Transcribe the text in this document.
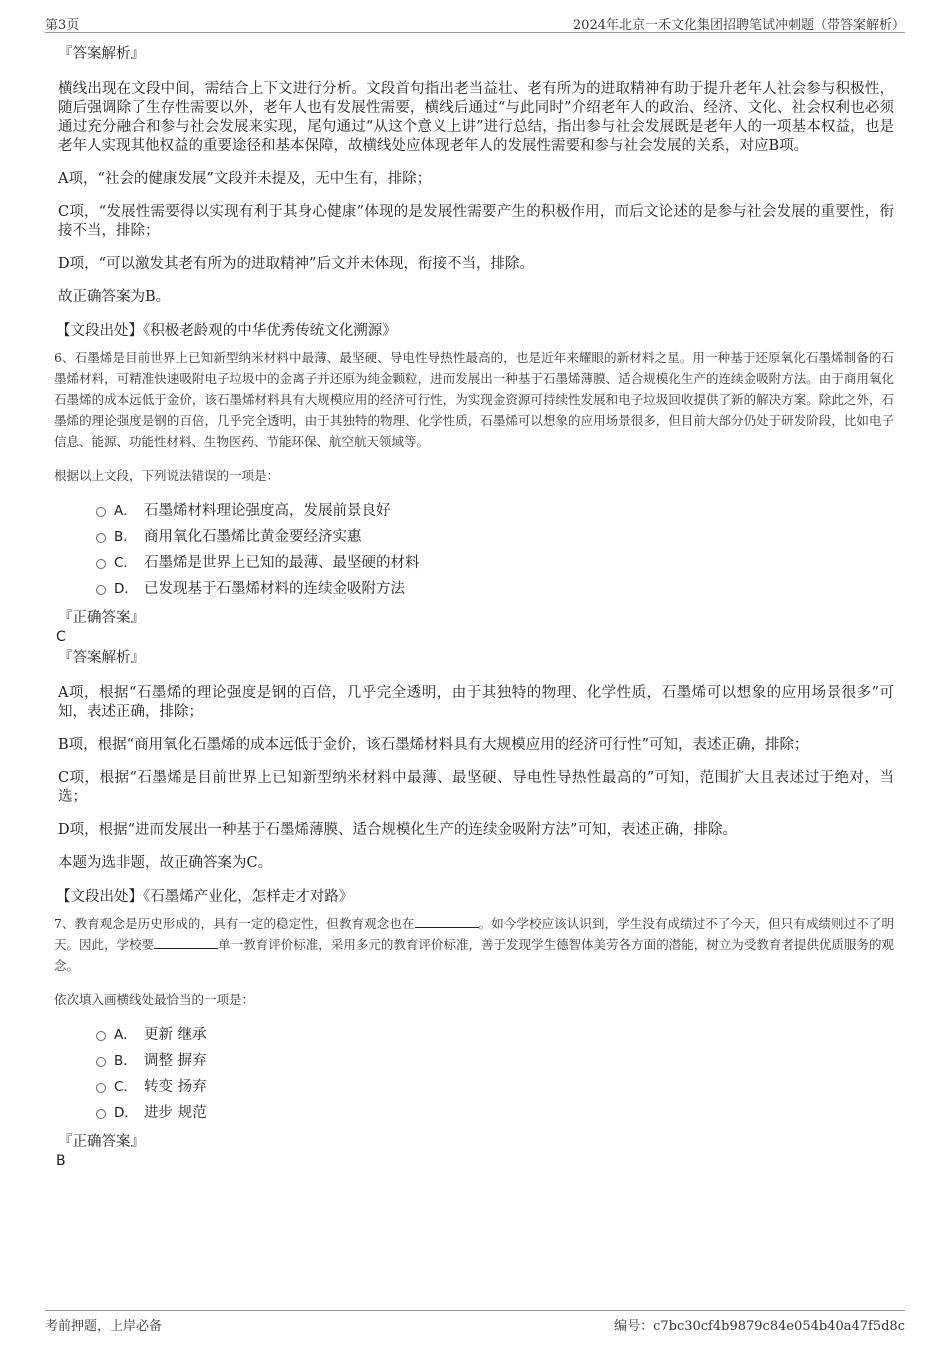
第3页	2024年北京一禾文化集团招聘笔试冲刺题（带答案解析）
『答案解析』

横线出现在文段中间，需结合上下文进行分析。文段首句指出老当益壮、老有所为的进取精神有助于提升老年人社会参与积极性，随后强调除了生存性需要以外，老年人也有发展性需要，横线后通过“与此同时”介绍老年人的政治、经济、文化、社会权利也必须通过充分融合和参与社会发展来实现，尾句通过“从这个意义上讲”进行总结，指出参与社会发展既是老年人的一项基本权益，也是老年人实现其他权益的重要途径和基本保障，故横线处应体现老年人的发展性需要和参与社会发展的关系，对应B项。

A项，“社会的健康发展”文段并未提及，无中生有，排除；

C项，“发展性需要得以实现有利于其身心健康”体现的是发展性需要产生的积极作用，而后文论述的是参与社会发展的重要性，衔接不当，排除；

D项，“可以激发其老有所为的进取精神”后文并未体现，衔接不当，排除。

故正确答案为B。

【文段出处】《积极老龄观的中华优秀传统文化溯源》

6、石墨烯是目前世界上已知新型纳米材料中最薄、最坚硬、导电性导热性最高的，也是近年来耀眼的新材料之星。用一种基于还原氧化石墨烯制备的石墨烯材料，可精准快速吸附电子垃圾中的金离子并还原为纯金颗粒，进而发展出一种基于石墨烯薄膜、适合规模化生产的连续金吸附方法。由于商用氧化石墨烯的成本远低于金价，该石墨烯材料具有大规模应用的经济可行性，为实现金资源可持续性发展和电子垃圾回收提供了新的解决方案。除此之外，石墨烯的理论强度是钢的百倍，几乎完全透明，由于其独特的物理、化学性质，石墨烯可以想象的应用场景很多，但目前大部分仍处于研发阶段，比如电子信息、能源、功能性材料、生物医药、节能环保、航空航天领域等。

根据以上文段，下列说法错误的一项是：
A． 石墨烯材料理论强度高，发展前景良好
B． 商用氧化石墨烯比黄金要经济实惠
C． 石墨烯是世界上已知的最薄、最坚硬的材料
D． 已发现基于石墨烯材料的连续金吸附方法
『正确答案』
C
『答案解析』

A项，根据“石墨烯的理论强度是钢的百倍，几乎完全透明，由于其独特的物理、化学性质，石墨烯可以想象的应用场景很多”可知，表述正确，排除；

B项，根据“商用氧化石墨烯的成本远低于金价，该石墨烯材料具有大规模应用的经济可行性”可知，表述正确，排除；

C项，根据“石墨烯是目前世界上已知新型纳米材料中最薄、最坚硬、导电性导热性最高的”可知，范围扩大且表述过于绝对，当选；

D项，根据“进而发展出一种基于石墨烯薄膜、适合规模化生产的连续金吸附方法”可知，表述正确，排除。

本题为选非题，故正确答案为C。

【文段出处】《石墨烯产业化，怎样走才对路》

7、教育观念是历史形成的，具有一定的稳定性，但教育观念也在	。如今学校应该认识到，学生没有成绩过不了今天，但只有成绩则过不了明天。因此，学校要	单一教育评价标准，采用多元的教育评价标准，善于发现学生德智体美劳各方面的潜能，树立为受教育者提供优质服务的观念。

依次填入画横线处最恰当的一项是：
A． 更新 继承
B． 调整 摒弃
C． 转变 扬弃
D． 进步 规范
『正确答案』
B
考前押题，上岸必备	编号：c7bc30cf4b9879c84e054b40a47f5d8c
